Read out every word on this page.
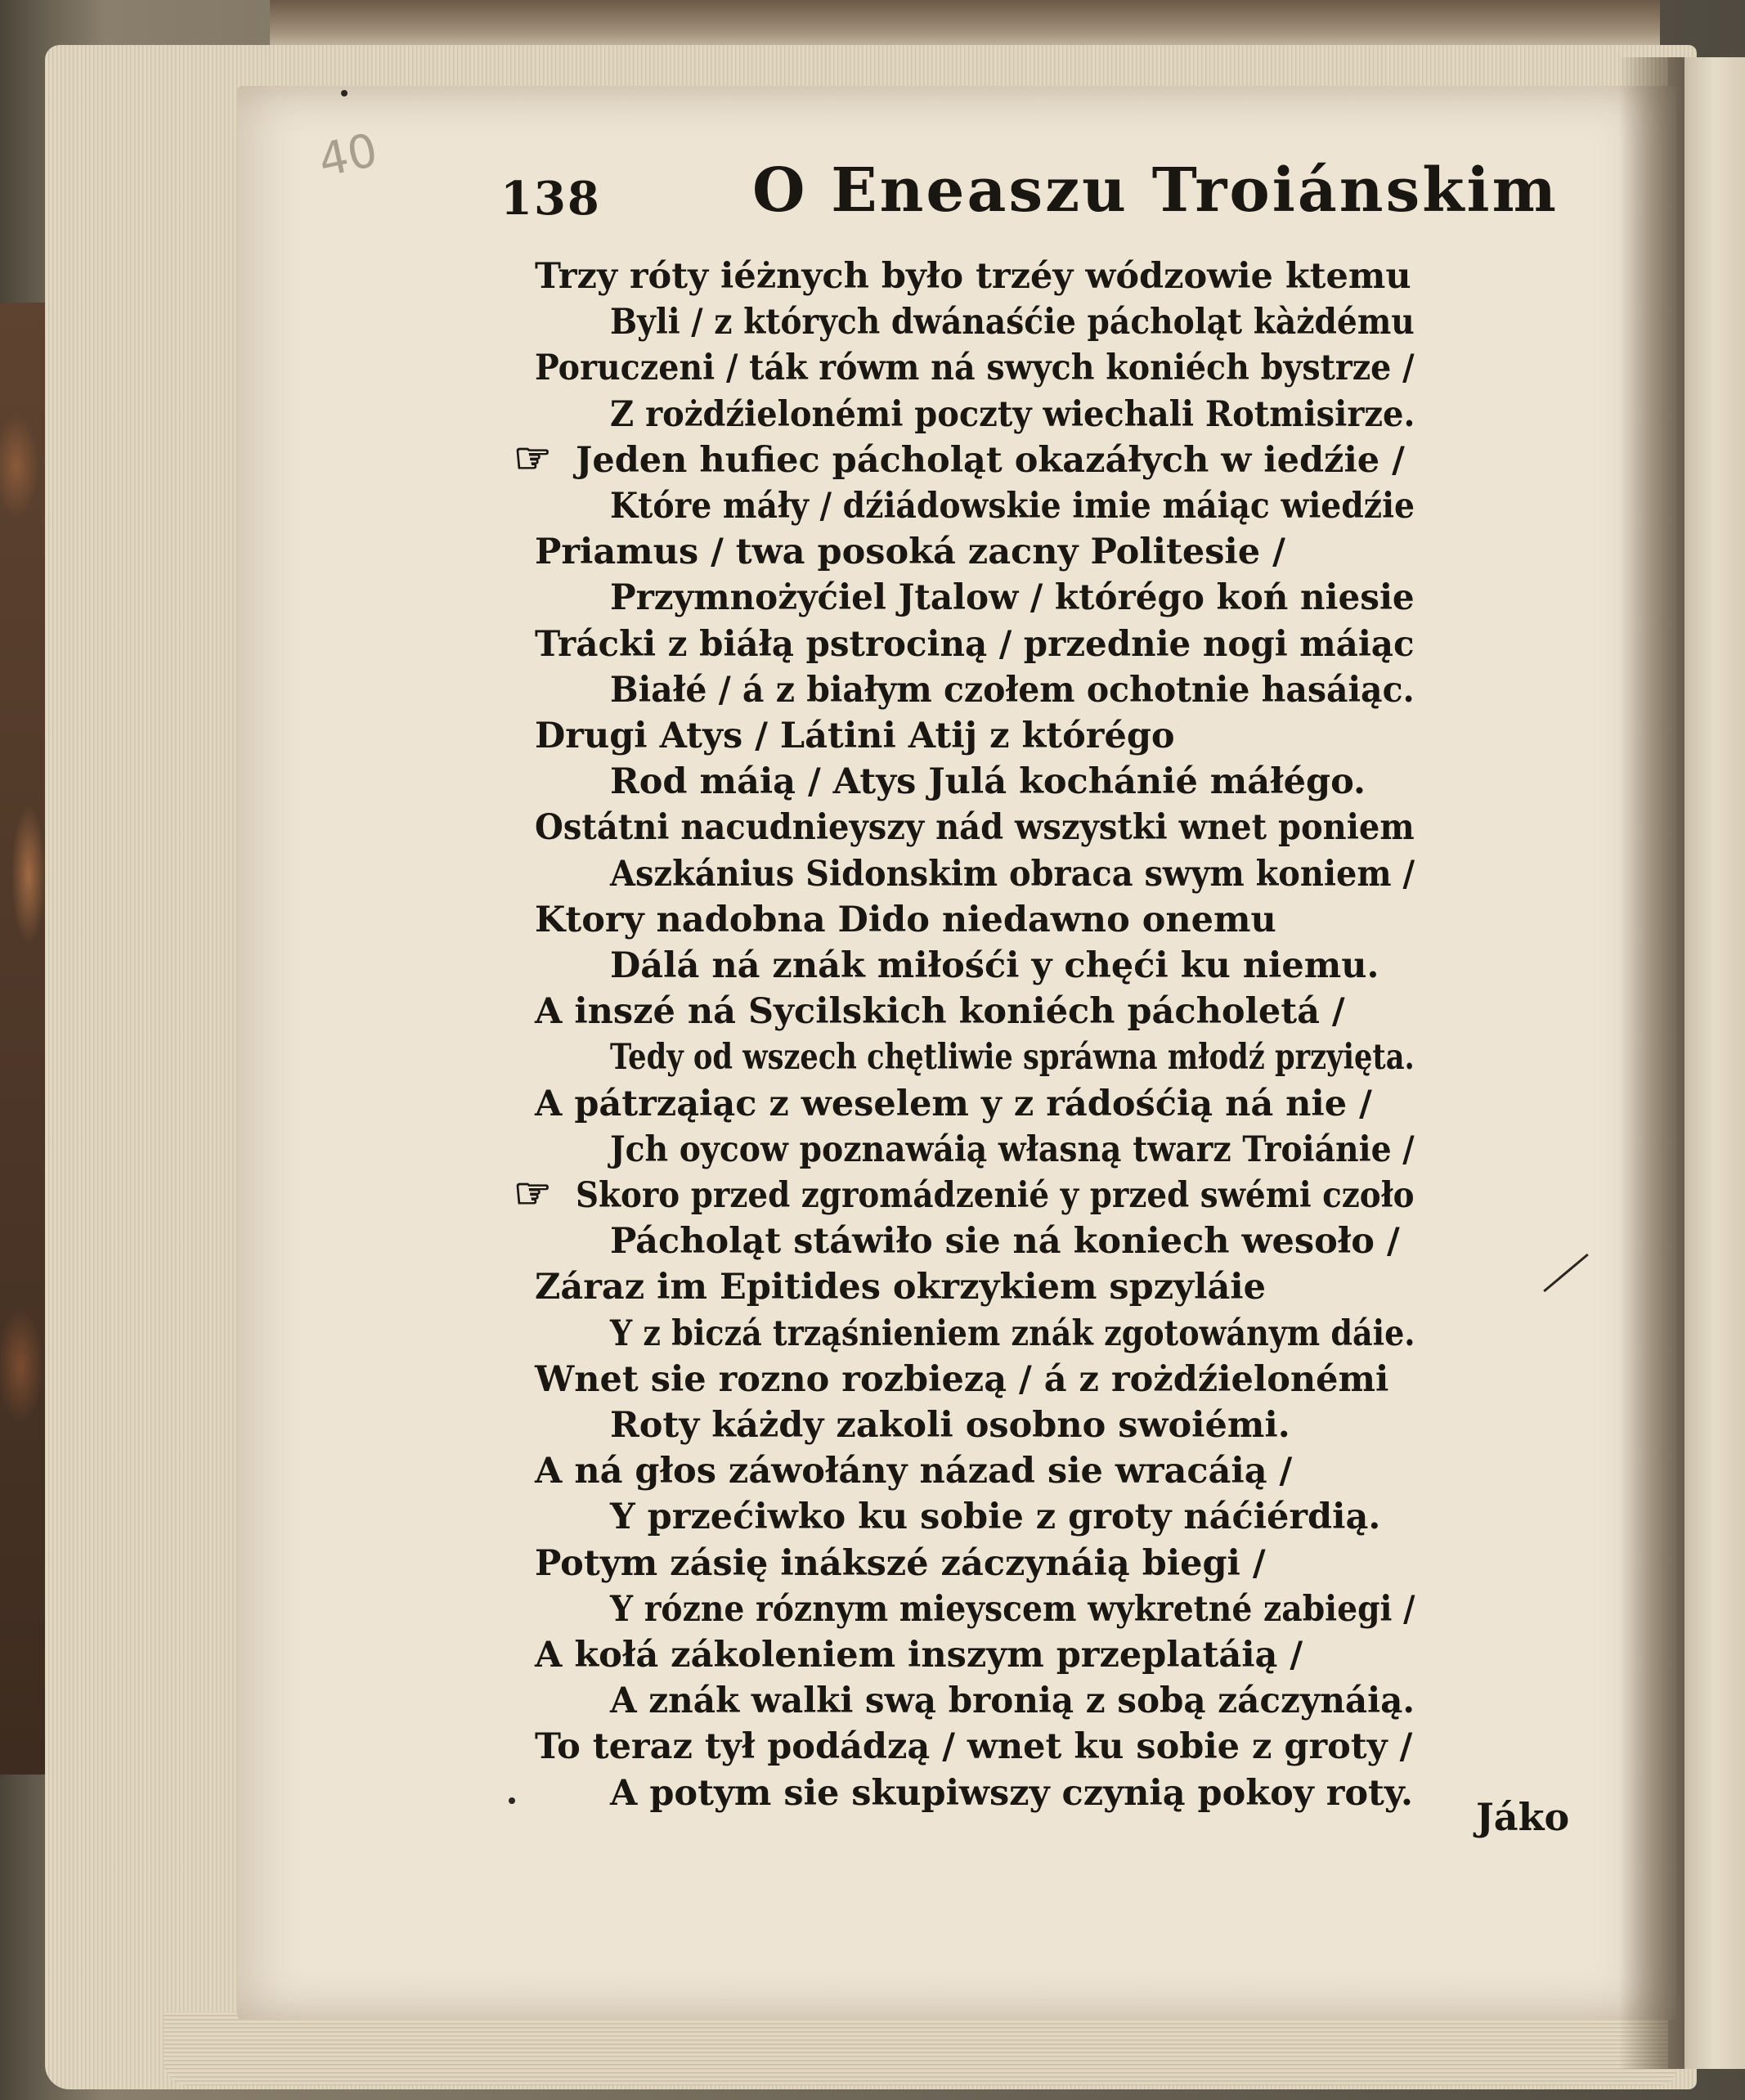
40
138	O Eneaszu Troiánskim
Trzy róty iéżnych było trzéy wódzowie ktemu
Byli / z których dwánaśćie pácholąt kàżdému
Poruczeni / ták rówm ná swych koniéch bystrze /
Z rożdźielonémi poczty wiechali Rotmisirze.
☞ Jeden hufiec pácholąt okazáłych w iedźie /
Które máły / dźiádowskie imie máiąc wiedźie
Priamus / twa posoká zacny Politesie /
Przymnożyćiel Jtalow / którégo koń niesie
Trácki z biáłą pstrociną / przednie nogi máiąc
Białé / á z białym czołem ochotnie hasáiąc.
Drugi Atys / Látini Atij z którégo
Rod máią / Atys Julá kochánié máłégo.
Ostátni nacudnieyszy nád wszystki wnet poniem
Aszkánius Sidonskim obraca swym koniem /
Ktory nadobna Dido niedawno onemu
Dálá ná znák miłośći y chęći ku niemu.
A inszé ná Sycilskich koniéch pácholetá /
Tedy od wszech chętliwie spráwna młodź przyięta.
A pátrząiąc z weselem y z rádośćią ná nie /
Jch oycow poznawáią własną twarz Troiánie /
☞ Skoro przed zgromádzenié y przed swémi czoło
Pácholąt stáwiło sie ná koniech wesoło /
Záraz im Epitides okrzykiem spzyláie
Y z biczá trząśnieniem znák zgotowánym dáie.
Wnet sie rozno rozbiezą / á z rożdźielonémi
Roty káżdy zakoli osobno swoiémi.
A ná głos záwołány názad sie wracáią /
Y przećiwko ku sobie z groty náćiérdią.
Potym zásię inákszé záczynáią biegi /
Y rózne róznym mieyscem wykretné zabiegi /
A kołá zákoleniem inszym przeplatáią /
A znák walki swą bronią z sobą záczynáią.
To teraz tył podádzą / wnet ku sobie z groty /
A potym sie skupiwszy czynią pokoy roty.
Jáko
